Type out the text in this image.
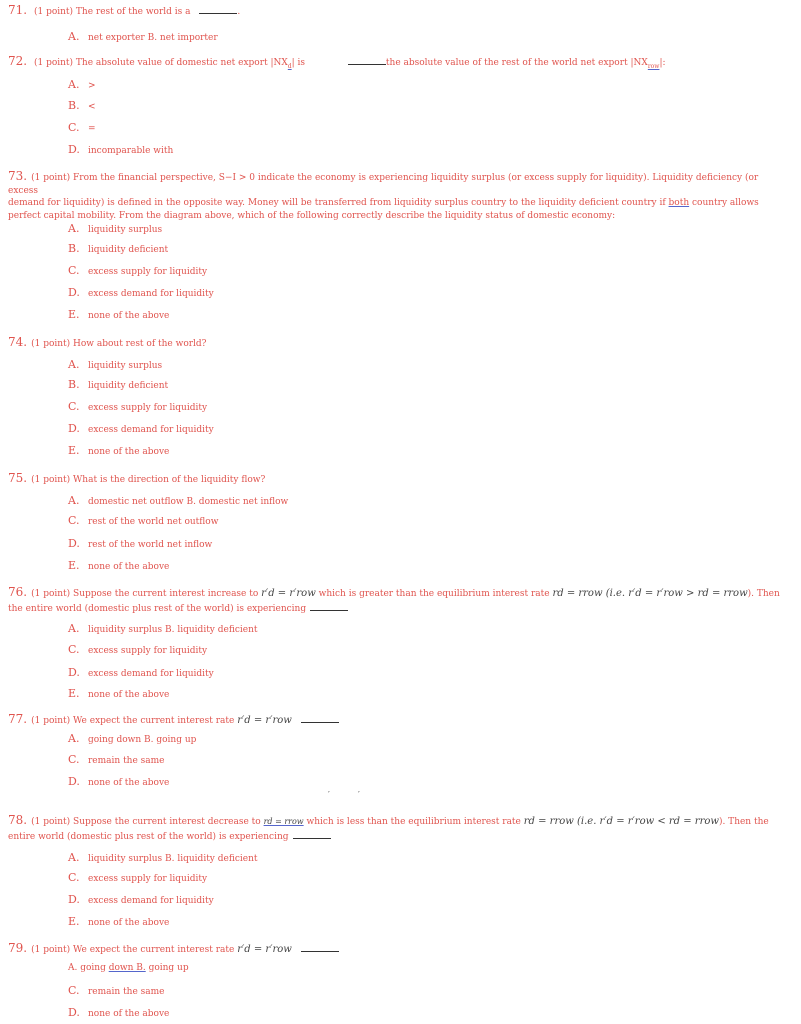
71. (1 point) The rest of the world is a	.
A. net exporter B. net importer
72. (1 point) The absolute value of domestic net export $|NX_d|$ is	the absolute value of the rest of the world net export $|NX_{row}|$:
A. >
B. <
C. =
D. incomparable with
73. (1 point) From the financial perspective, S−I > 0 indicate the economy is experiencing liquidity surplus (or excess supply for liquidity). Liquidity deficiency (or excess
demand for liquidity) is defined in the opposite way. Money will be transferred from liquidity surplus country to the liquidity deficient country if both country allows
perfect capital mobility. From the diagram above, which of the following correctly describe the liquidity status of domestic economy:
A. liquidity surplus
B. liquidity deficient
C. excess supply for liquidity
D. excess demand for liquidity
E. none of the above
74. (1 point) How about rest of the world?
A. liquidity surplus
B. liquidity deficient
C. excess supply for liquidity
D. excess demand for liquidity
E. none of the above
75. (1 point) What is the direction of the liquidity flow?
A. domestic net outflow B. domestic net inflow
C. rest of the world net outflow
D. rest of the world net inflow
E. none of the above
76. (1 point) Suppose the current interest increase to r′d = r′row which is greater than the equilibrium interest rate rd = rrow (i.e. r′d = r′row > rd = rrow). Then
the entire world (domestic plus rest of the world) is experiencing
A. liquidity surplus B. liquidity deficient
C. excess supply for liquidity
D. excess demand for liquidity
E. none of the above
77. (1 point) We expect the current interest rate r′d = r′row
A. going down B. going up
C. remain the same
D. none of the above
′	′
78. (1 point) Suppose the current interest decrease to rd = rrow which is less than the equilibrium interest rate rd = rrow (i.e. r′d = r′row < rd = rrow). Then the
entire world (domestic plus rest of the world) is experiencing
A. liquidity surplus B. liquidity deficient
C. excess supply for liquidity
D. excess demand for liquidity
E. none of the above
79. (1 point) We expect the current interest rate r′d = r′row
A. going down B. going up
C. remain the same
D. none of the above
